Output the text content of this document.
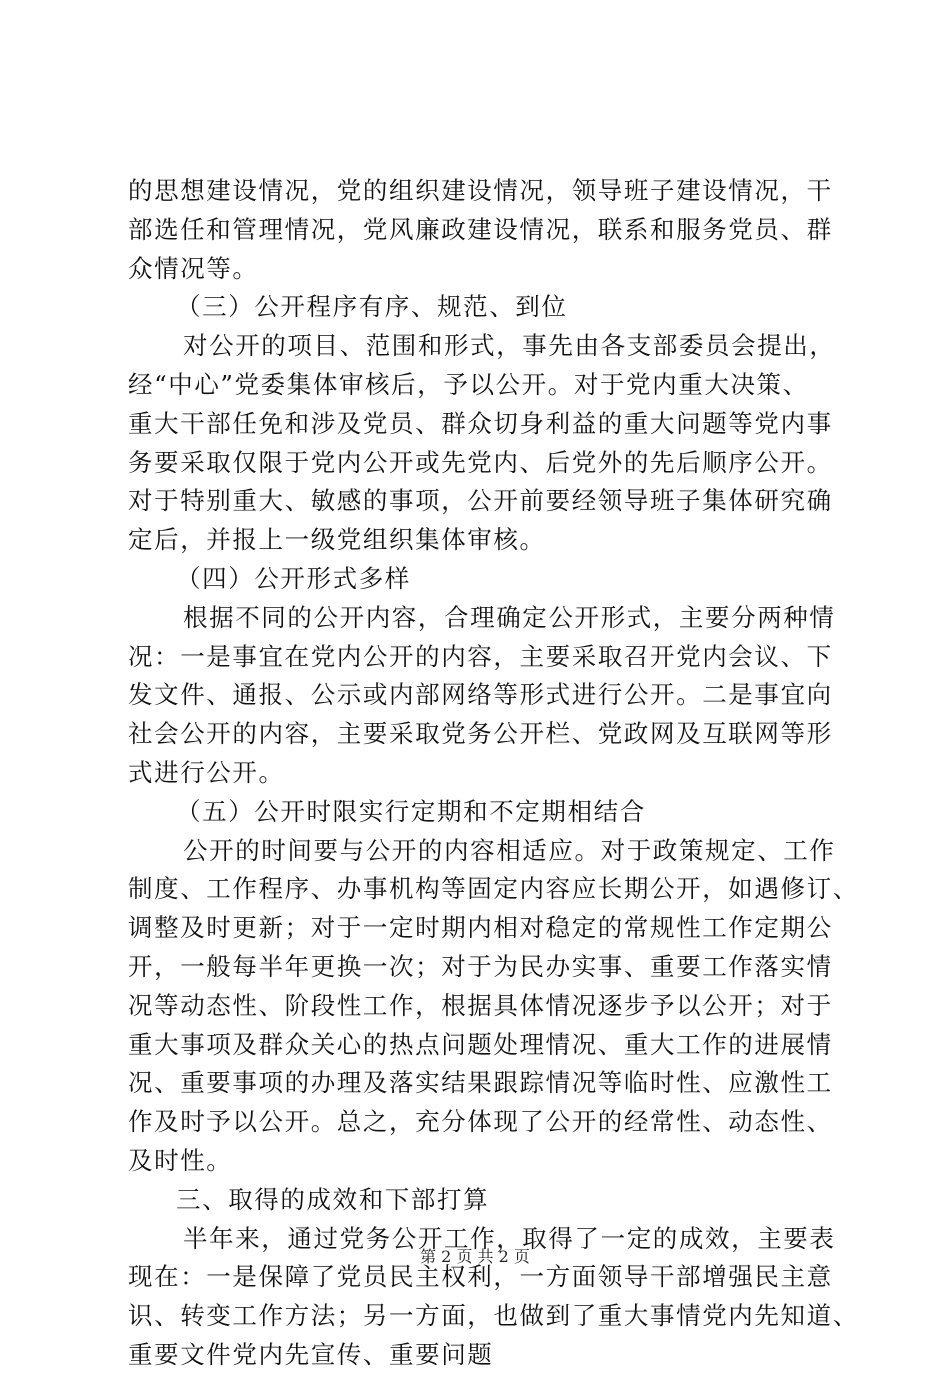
的思想建设情况，党的组织建设情况，领导班子建设情况，干
部选任和管理情况，党风廉政建设情况，联系和服务党员、群
众情况等。
（三）公开程序有序、规范、到位
对公开的项目、范围和形式，事先由各支部委员会提出，
经“中心”党委集体审核后，予以公开。对于党内重大决策、
重大干部任免和涉及党员、群众切身利益的重大问题等党内事
务要采取仅限于党内公开或先党内、后党外的先后顺序公开。
对于特别重大、敏感的事项，公开前要经领导班子集体研究确
定后，并报上一级党组织集体审核。
（四）公开形式多样
根据不同的公开内容，合理确定公开形式，主要分两种情
况：一是事宜在党内公开的内容，主要采取召开党内会议、下
发文件、通报、公示或内部网络等形式进行公开。二是事宜向
社会公开的内容，主要采取党务公开栏、党政网及互联网等形
式进行公开。
（五）公开时限实行定期和不定期相结合
公开的时间要与公开的内容相适应。对于政策规定、工作
制度、工作程序、办事机构等固定内容应长期公开，如遇修订、
调整及时更新；对于一定时期内相对稳定的常规性工作定期公
开，一般每半年更换一次；对于为民办实事、重要工作落实情
况等动态性、阶段性工作，根据具体情况逐步予以公开；对于
重大事项及群众关心的热点问题处理情况、重大工作的进展情
况、重要事项的办理及落实结果跟踪情况等临时性、应激性工
作及时予以公开。总之，充分体现了公开的经常性、动态性、
及时性。
三、取得的成效和下部打算
半年来，通过党务公开工作，取得了一定的成效，主要表
现在：一是保障了党员民主权利，一方面领导干部增强民主意
识、转变工作方法；另一方面，也做到了重大事情党内先知道、
重要文件党内先宣传、重要问题
第 2 页 共 2 页
